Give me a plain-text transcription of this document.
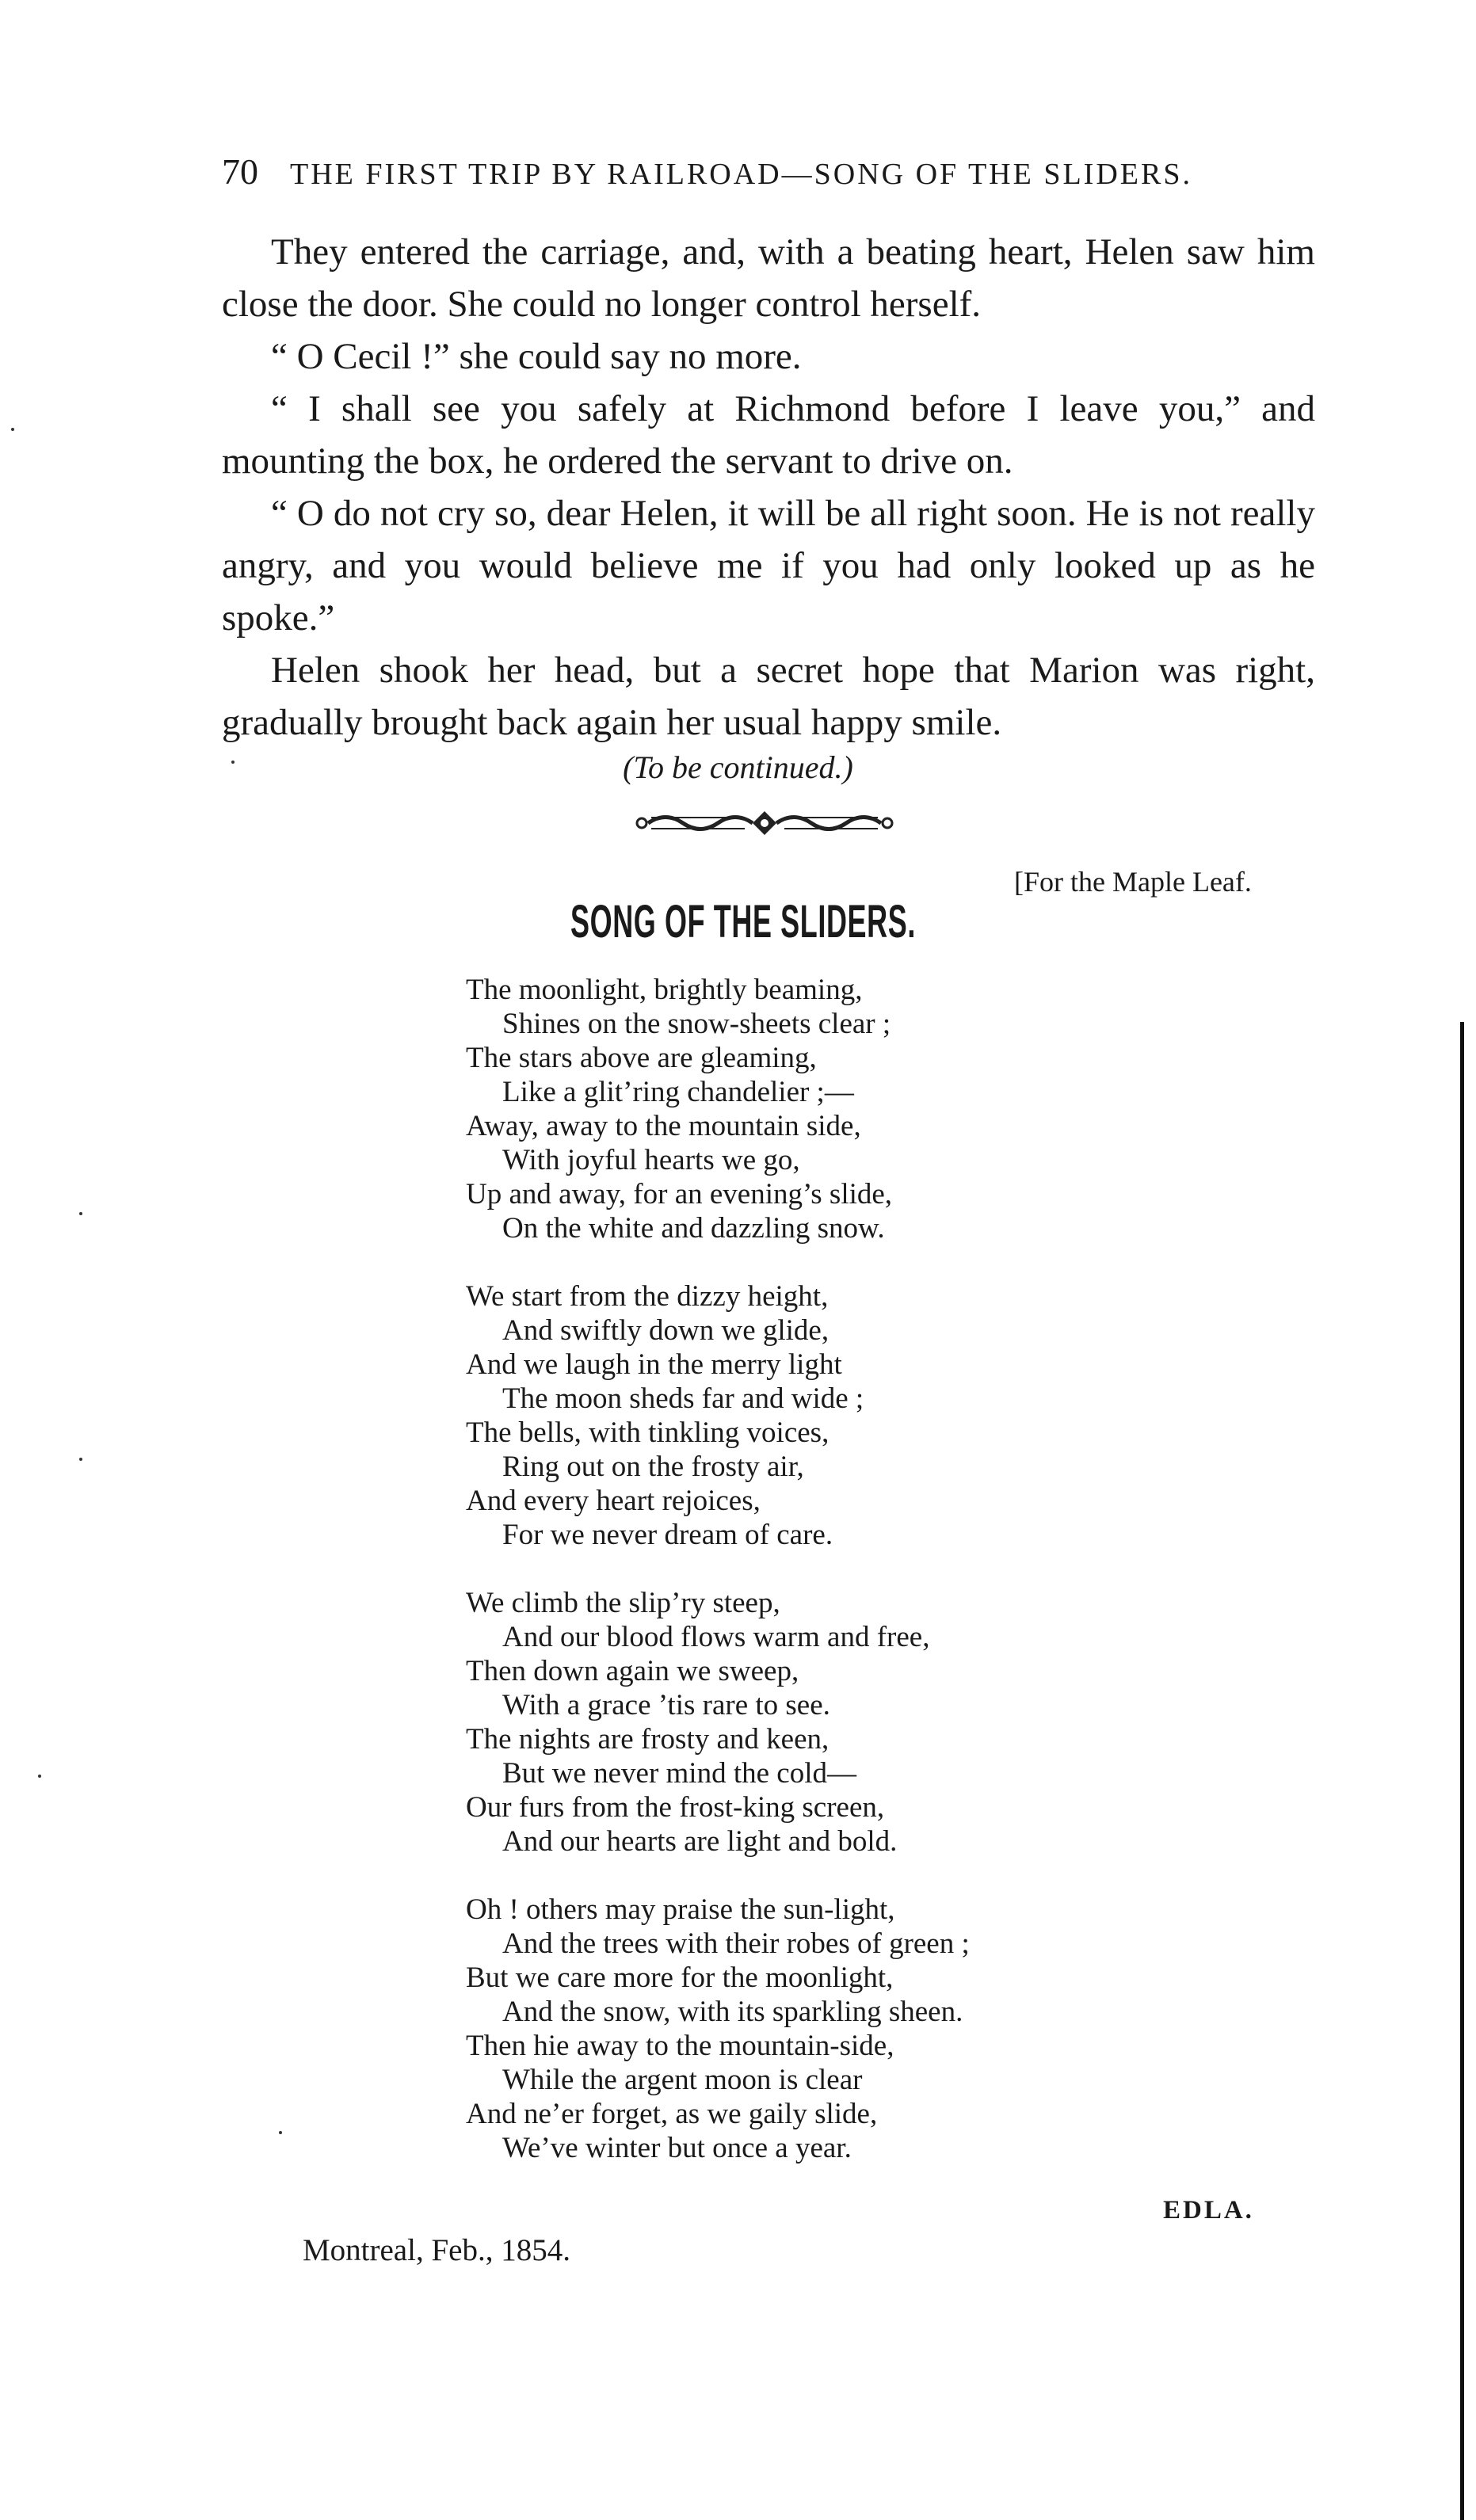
70 THE FIRST TRIP BY RAILROAD—SONG OF THE SLIDERS.

They entered the carriage, and, with a beating heart, Helen saw him close the door. She could no longer control herself.

“ O Cecil !” she could say no more.

“ I shall see you safely at Richmond before I leave you,” and mounting the box, he ordered the servant to drive on.

“ O do not cry so, dear Helen, it will be all right soon. He is not really angry, and you would believe me if you had only looked up as he spoke.”

Helen shook her head, but a secret hope that Marion was right, gradually brought back again her usual happy smile.

(To be continued.)
[For the Maple Leaf.
SONG OF THE SLIDERS.
The moonlight, brightly beaming,
Shines on the snow-sheets clear ;
The stars above are gleaming,
Like a glit’ring chandelier ;—
Away, away to the mountain side,
With joyful hearts we go,
Up and away, for an evening’s slide,
On the white and dazzling snow.
We start from the dizzy height,
And swiftly down we glide,
And we laugh in the merry light
The moon sheds far and wide ;
The bells, with tinkling voices,
Ring out on the frosty air,
And every heart rejoices,
For we never dream of care.
We climb the slip’ry steep,
And our blood flows warm and free,
Then down again we sweep,
With a grace ’tis rare to see.
The nights are frosty and keen,
But we never mind the cold—
Our furs from the frost-king screen,
And our hearts are light and bold.
Oh ! others may praise the sun-light,
And the trees with their robes of green ;
But we care more for the moonlight,
And the snow, with its sparkling sheen.
Then hie away to the mountain-side,
While the argent moon is clear
And ne’er forget, as we gaily slide,
We’ve winter but once a year.
EDLA.
Montreal, Feb., 1854.
